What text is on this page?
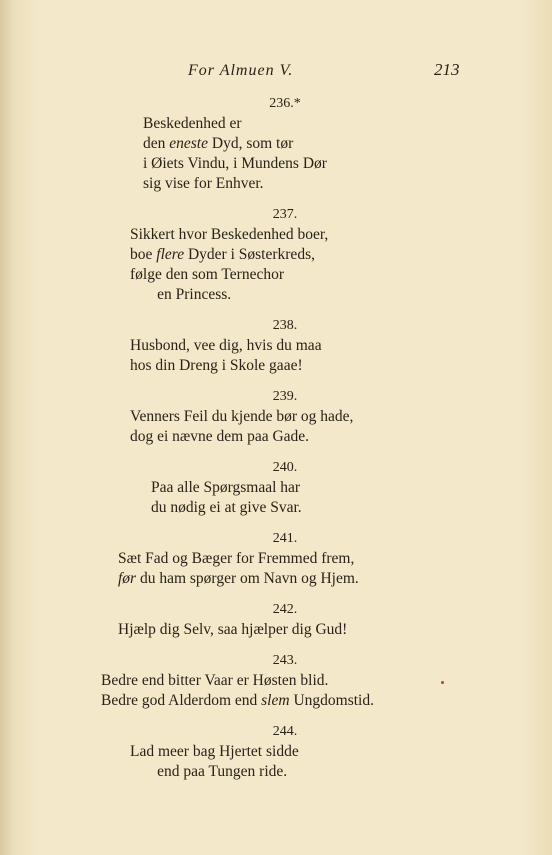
For Almuen V.	213
236.*
Beskedenhed er
den eneste Dyd, som tør
i Øiets Vindu, i Mundens Dør
sig vise for Enhver.
237.
Sikkert hvor Beskedenhed boer,
boe flere Dyder i Søsterkreds,
følge den som Ternechor
en Princess.
238.
Husbond, vee dig, hvis du maa
hos din Dreng i Skole gaae!
239.
Venners Feil du kjende bør og hade,
dog ei nævne dem paa Gade.
240.
Paa alle Spørgsmaal har
du nødig ei at give Svar.
241.
Sæt Fad og Bæger for Fremmed frem,
før du ham spørger om Navn og Hjem.
242.
Hjælp dig Selv, saa hjælper dig Gud!
243.
Bedre end bitter Vaar er Høsten blid.
Bedre god Alderdom end slem Ungdomstid.
244.
Lad meer bag Hjertet sidde
end paa Tungen ride.
